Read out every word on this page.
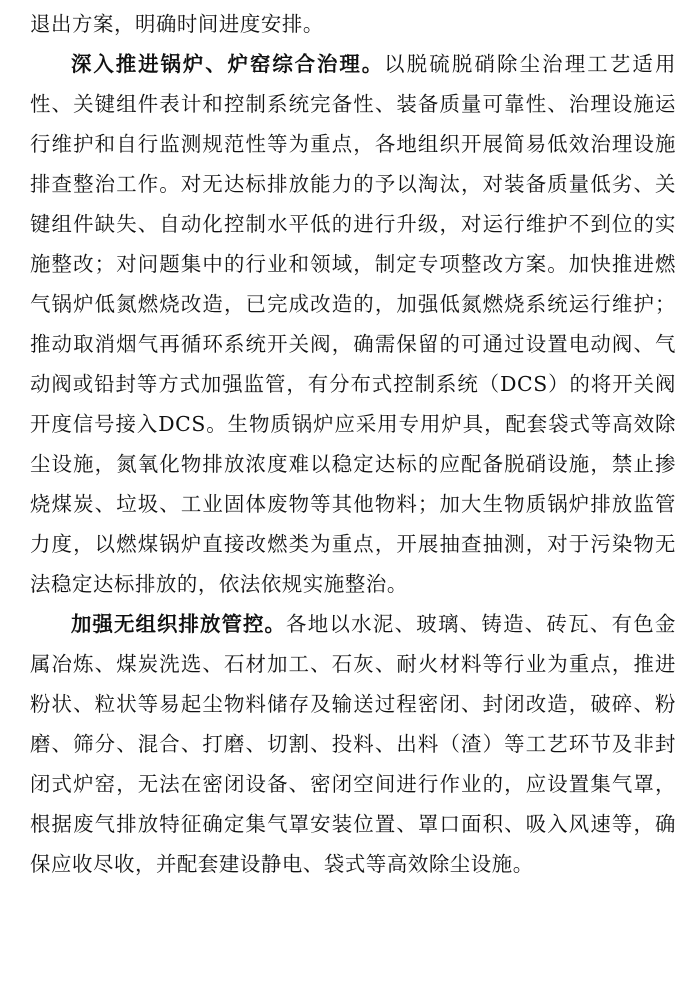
退出方案，明确时间进度安排。

深入推进锅炉、炉窑综合治理。以脱硫脱硝除尘治理工艺适用性、关键组件表计和控制系统完备性、装备质量可靠性、治理设施运行维护和自行监测规范性等为重点，各地组织开展简易低效治理设施排查整治工作。对无达标排放能力的予以淘汰，对装备质量低劣、关键组件缺失、自动化控制水平低的进行升级，对运行维护不到位的实施整改；对问题集中的行业和领域，制定专项整改方案。加快推进燃气锅炉低氮燃烧改造，已完成改造的，加强低氮燃烧系统运行维护；推动取消烟气再循环系统开关阀，确需保留的可通过设置电动阀、气动阀或铅封等方式加强监管，有分布式控制系统（DCS）的将开关阀开度信号接入DCS。生物质锅炉应采用专用炉具，配套袋式等高效除尘设施，氮氧化物排放浓度难以稳定达标的应配备脱硝设施，禁止掺烧煤炭、垃圾、工业固体废物等其他物料；加大生物质锅炉排放监管力度，以燃煤锅炉直接改燃类为重点，开展抽查抽测，对于污染物无法稳定达标排放的，依法依规实施整治。

加强无组织排放管控。各地以水泥、玻璃、铸造、砖瓦、有色金属冶炼、煤炭洗选、石材加工、石灰、耐火材料等行业为重点，推进粉状、粒状等易起尘物料储存及输送过程密闭、封闭改造，破碎、粉磨、筛分、混合、打磨、切割、投料、出料（渣）等工艺环节及非封闭式炉窑，无法在密闭设备、密闭空间进行作业的，应设置集气罩，根据废气排放特征确定集气罩安装位置、罩口面积、吸入风速等，确保应收尽收，并配套建设静电、袋式等高效除尘设施。
